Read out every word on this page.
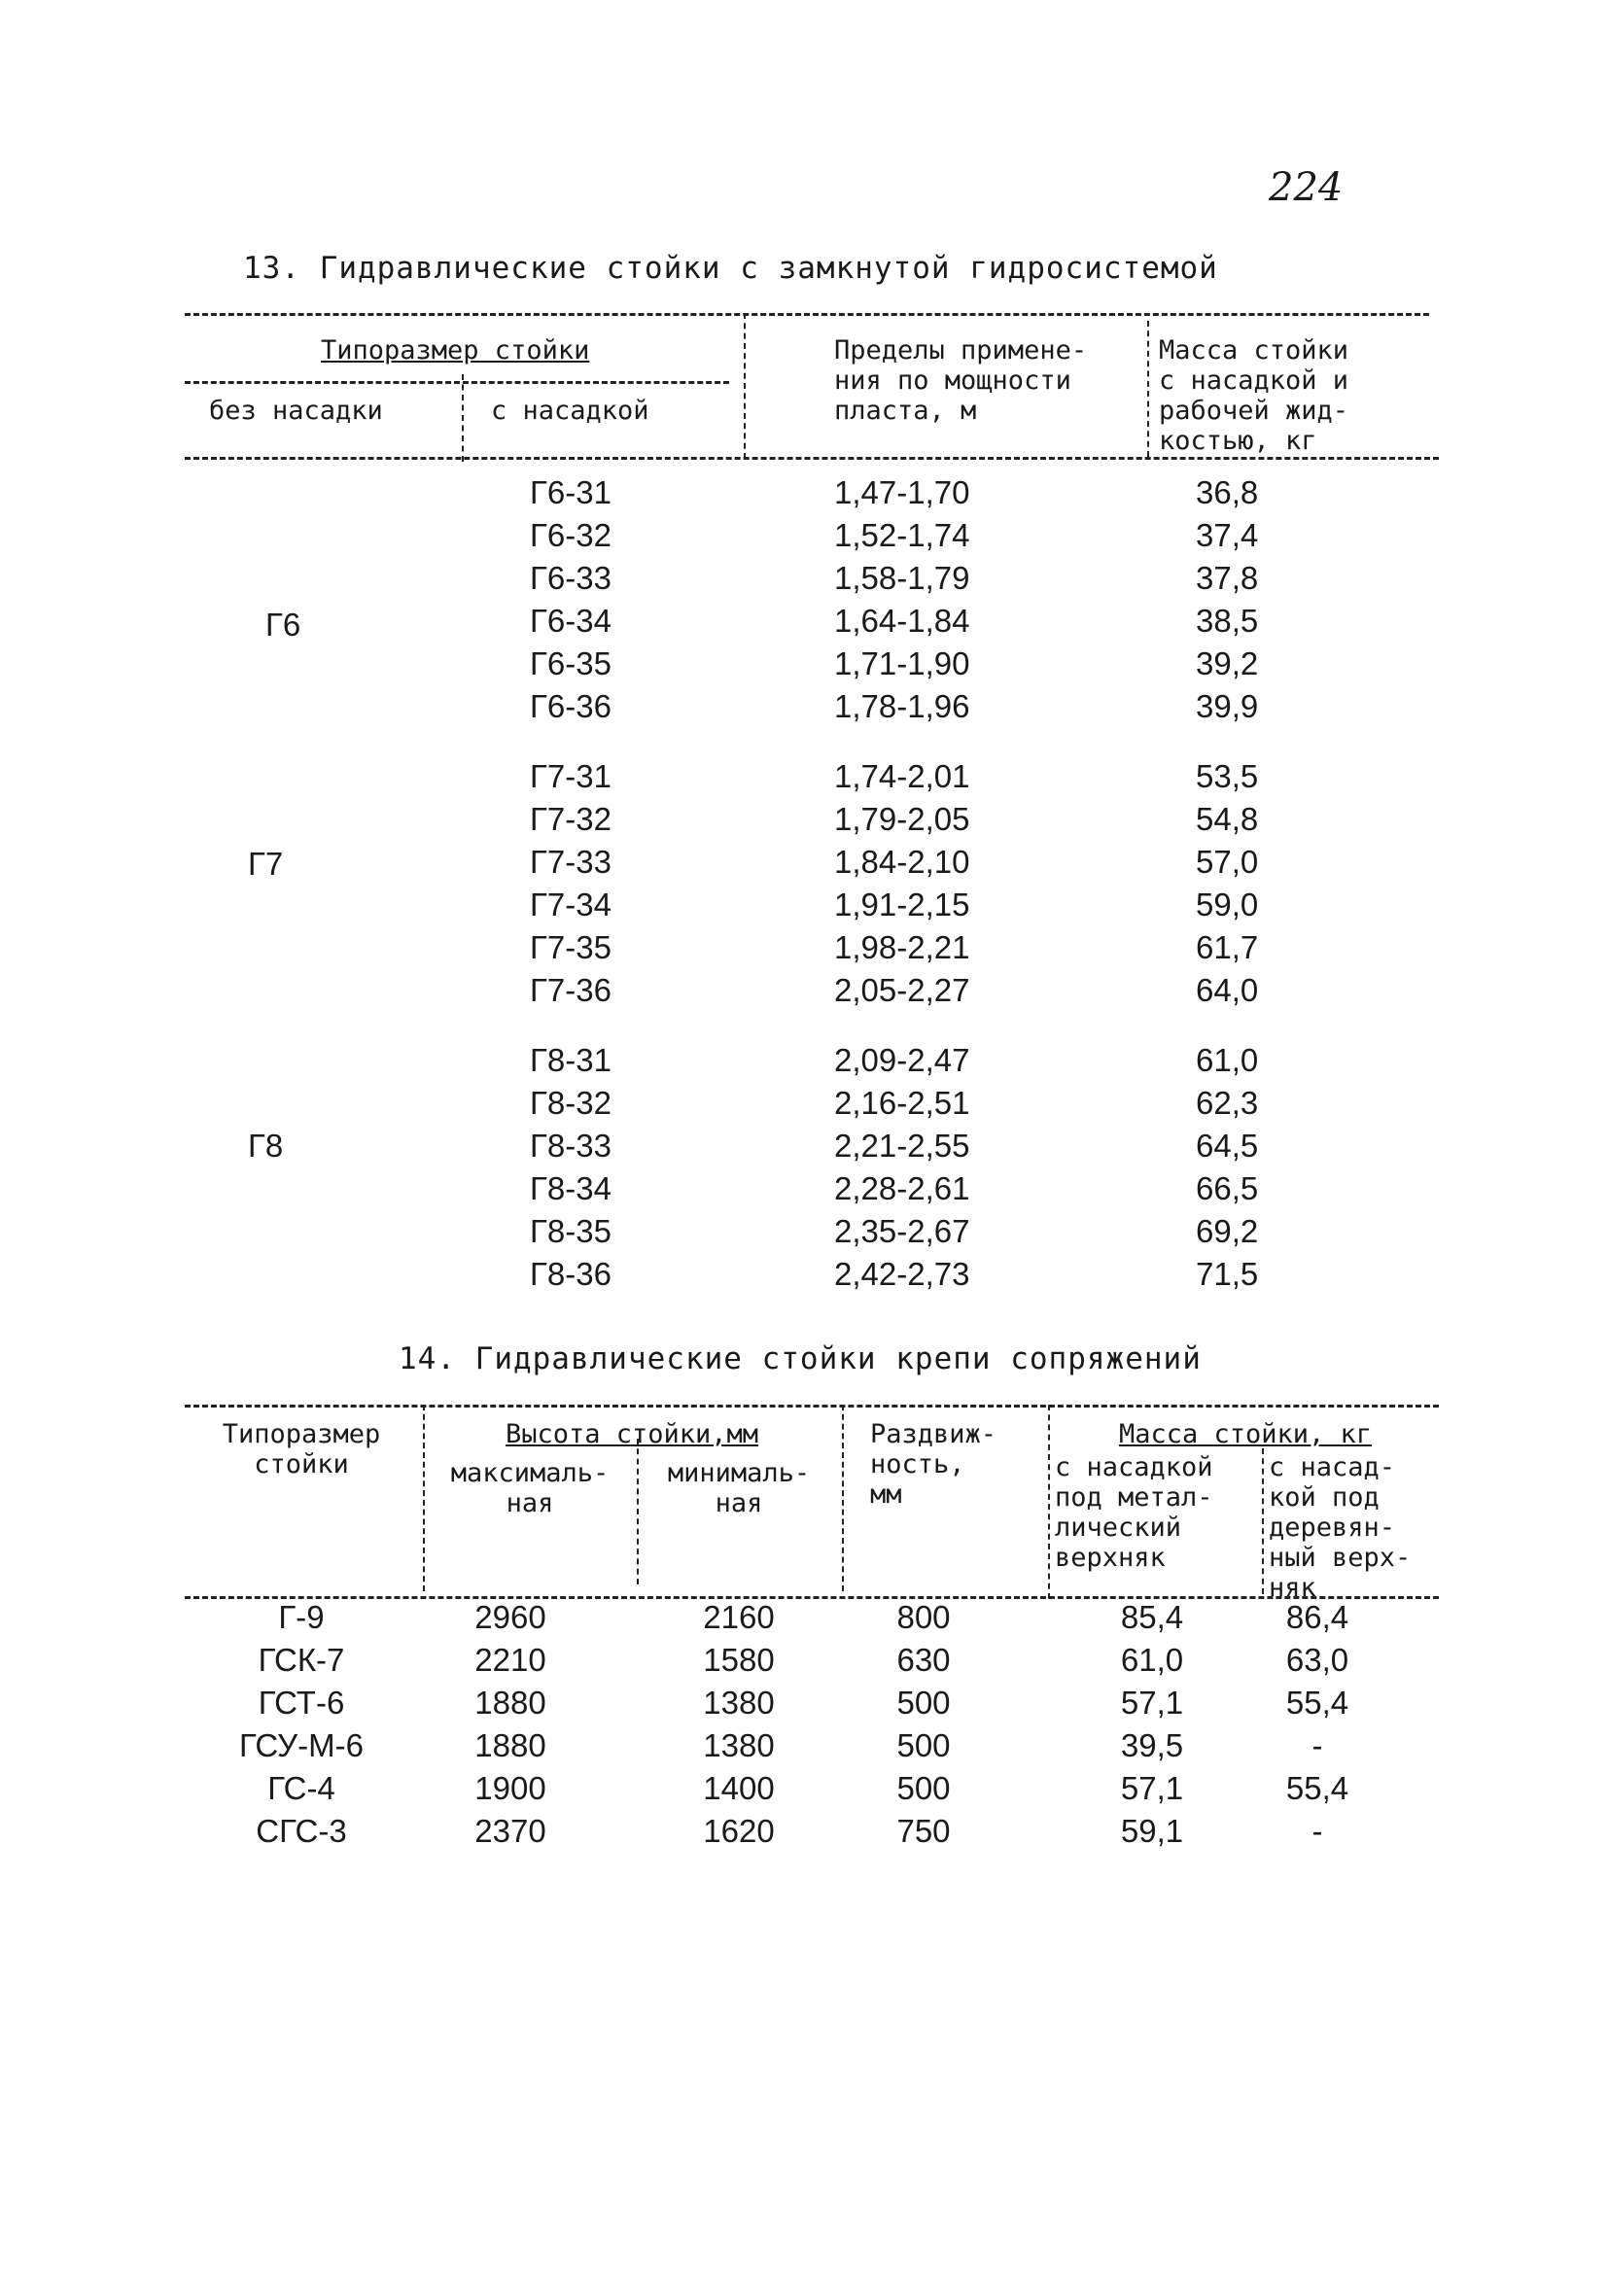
224
13. Гидравлические стойки с замкнутой гидросистемой
Типоразмер стойки
без насадки	с насадкой
Пределы примене-
ния по мощности
пласта, м
Масса стойки
с насадкой и
рабочей жид-
костью, кг
Г6
Г6-31	1,47-1,70	36,8
Г6-32	1,52-1,74	37,4
Г6-33	1,58-1,79	37,8
Г6-34	1,64-1,84	38,5
Г6-35	1,71-1,90	39,2
Г6-36	1,78-1,96	39,9
Г7
Г7-31	1,74-2,01	53,5
Г7-32	1,79-2,05	54,8
Г7-33	1,84-2,10	57,0
Г7-34	1,91-2,15	59,0
Г7-35	1,98-2,21	61,7
Г7-36	2,05-2,27	64,0
Г8
Г8-31	2,09-2,47	61,0
Г8-32	2,16-2,51	62,3
Г8-33	2,21-2,55	64,5
Г8-34	2,28-2,61	66,5
Г8-35	2,35-2,67	69,2
Г8-36	2,42-2,73	71,5
14. Гидравлические стойки крепи сопряжений
Типоразмер
стойки
Высота стойки,мм
максималь-
ная
минималь-
ная
Раздвиж-
ность,
мм
Масса стойки, кг
с насадкой
под метал-
лический
верхняк
с насад-
кой под
деревян-
ный верх-
няк
Г-9	2960	2160	800	85,4	86,4
ГСК-7	2210	1580	630	61,0	63,0
ГСТ-6	1880	1380	500	57,1	55,4
ГСУ-М-6	1880	1380	500	39,5	-
ГС-4	1900	1400	500	57,1	55,4
СГС-3	2370	1620	750	59,1	-
